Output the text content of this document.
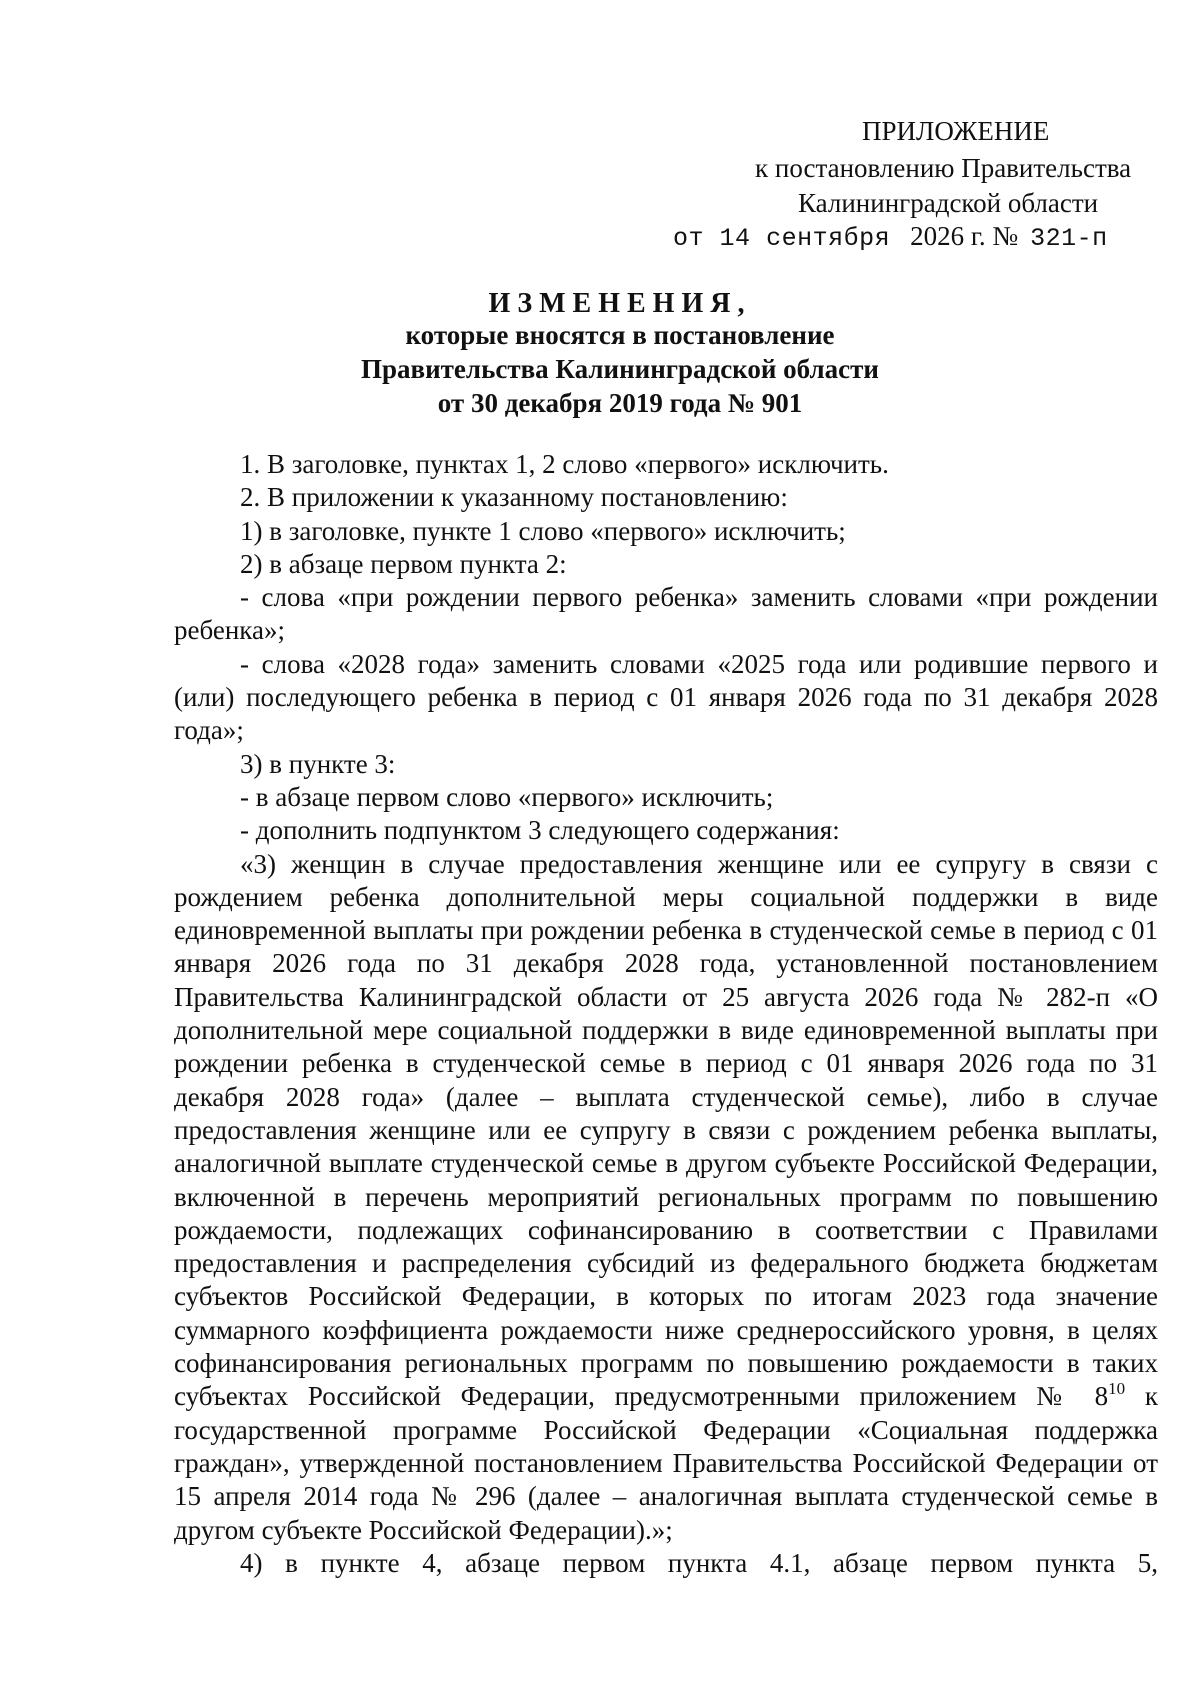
ПРИЛОЖЕНИЕ
к постановлению Правительства
Калининградской области
от 14 сентября 2026 г. № 321-п
ИЗМЕНЕНИЯ,
которые вносятся в постановление
Правительства Калининградской области
от 30 декабря 2019 года № 901

1. В заголовке, пунктах 1, 2 слово «первого» исключить.

2. В приложении к указанному постановлению:

1) в заголовке, пункте 1 слово «первого» исключить;

2) в абзаце первом пункта 2:

- слова «при рождении первого ребенка» заменить словами «при рождении ребенка»;

- слова «2028 года» заменить словами «2025 года или родившие первого и (или) последующего ребенка в период с 01 января 2026 года по 31 декабря 2028 года»;

3) в пункте 3:

- в абзаце первом слово «первого» исключить;

- дополнить подпунктом 3 следующего содержания:

«3) женщин в случае предоставления женщине или ее супругу в связи с рождением ребенка дополнительной меры социальной поддержки в виде единовременной выплаты при рождении ребенка в студенческой семье в период с 01 января 2026 года по 31 декабря 2028 года, установленной постановлением Правительства Калининградской области от 25 августа 2026 года № 282-п «О дополнительной мере социальной поддержки в виде единовременной выплаты при рождении ребенка в студенческой семье в период с 01 января 2026 года по 31 декабря 2028 года» (далее – выплата студенческой семье), либо в случае предоставления женщине или ее супругу в связи с рождением ребенка выплаты, аналогичной выплате студенческой семье в другом субъекте Российской Федерации, включенной в перечень мероприятий региональных программ по повышению рождаемости, подлежащих софинансированию в соответствии с Правилами предоставления и распределения субсидий из федерального бюджета бюджетам субъектов Российской Федерации, в которых по итогам 2023 года значение суммарного коэффициента рождаемости ниже среднероссийского уровня, в целях софинансирования региональных программ по повышению рождаемости в таких субъектах Российской Федерации, предусмотренными приложением № $8^{10}$ к государственной программе Российской Федерации «Социальная поддержка граждан», утвержденной постановлением Правительства Российской Федерации от 15 апреля 2014 года № 296 (далее – аналогичная выплата студенческой семье в другом субъекте Российской Федерации).»;

4) в пункте 4, абзаце первом пункта 4.1, абзаце первом пункта 5,
